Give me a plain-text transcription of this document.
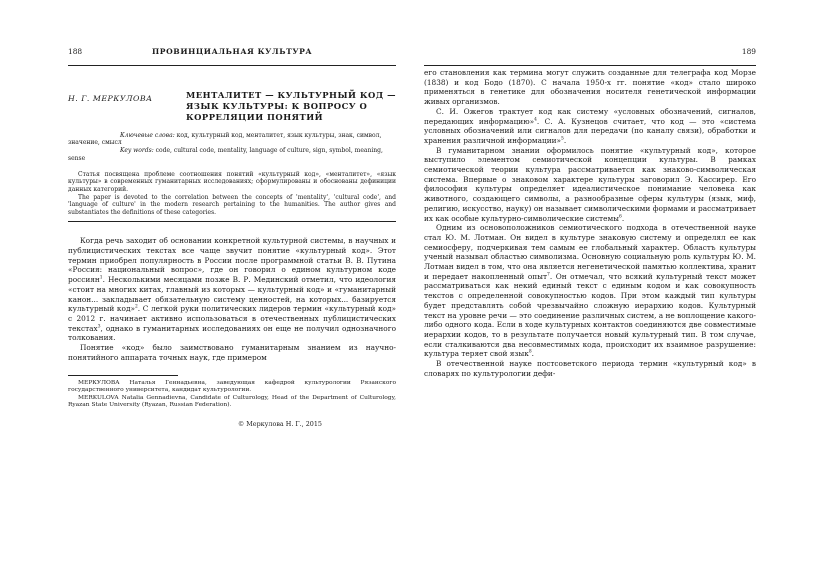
188	ПРОВИНЦИАЛЬНАЯ КУЛЬТУРА
Н. Г. МЕРКУЛОВА	МЕНТАЛИТЕТ — КУЛЬТУРНЫЙ КОД — ЯЗЫК КУЛЬТУРЫ: К ВОПРОСУ О КОРРЕЛЯЦИИ ПОНЯТИЙ
Ключевые слова: код, культурный код, менталитет, язык культуры, знак, символ, значение, смысл
Key words: code, cultural code, mentality, language of culture, sign, symbol, meaning, sense

Статья посвящена проблеме соотношения понятий «культурный код», «менталитет», «язык культуры» в современных гуманитарных исследованиях; сформулированы и обоснованы дефиниции данных категорий.

The paper is devoted to the correlation between the concepts of 'mentality', 'cultural code', and 'language of culture' in the modern research pertaining to the humanities. The author gives and substantiates the definitions of these categories.

Когда речь заходит об основании конкретной культурной системы, в научных и публицистических текстах все чаще звучит понятие «культурный код». Этот термин приобрел популярность в России после программной статьи В. В. Путина «Россия: национальный вопрос», где он говорил о едином культурном коде россиян$^1$. Несколькими месяцами позже В. Р. Мединский отметил, что идеология «стоит на многих китах, главный из которых — культурный код» и «гуманитарный канон... закладывает обязательную систему ценностей, на которых... базируется культурный код»$^2$. С легкой руки политических лидеров термин «культурный код» с 2012 г. начинает активно использоваться в отечественных публицистических текстах$^3$, однако в гуманитарных исследованиях он еще не получил однозначного толкования.

Понятие «код» было заимствовано гуманитарным знанием из научно-понятийного аппарата точных наук, где примером

МЕРКУЛОВА Наталья Геннадьевна, заведующая кафедрой культурологии Рязанского государственного университета, кандидат культурологии.

MERKULOVA Natalia Gennadievna, Candidate of Culturology, Head of the Department of Culturology, Ryazan State University (Ryazan, Russian Federation).

© Меркулова Н. Г., 2015
189

его становления как термина могут служить созданные для телеграфа код Морзе (1838) и код Бодо (1870). С начала 1950-х гг. понятие «код» стало широко применяться в генетике для обозначения носителя генетической информации живых организмов.

С. И. Ожегов трактует код как систему «условных обозначений, сигналов, передающих информацию»$^4$. С. А. Кузнецов считает, что код — это «система условных обозначений или сигналов для передачи (по каналу связи), обработки и хранения различной информации»$^5$.

В гуманитарном знании оформилось понятие «культурный код», которое выступило элементом семиотической концепции культуры. В рамках семиотической теории культура рассматривается как знаково-символическая система. Впервые о знаковом характере культуры заговорил Э. Кассирер. Его философия культуры определяет идеалистическое понимание человека как животного, создающего символы, а разнообразные сферы культуры (язык, миф, религию, искусство, науку) он называет символическими формами и рассматривает их как особые культурно-символические системы$^6$.

Одним из основоположников семиотического подхода в отечественной науке стал Ю. М. Лотман. Он видел в культуре знаковую систему и определял ее как семиосферу, подчеркивая тем самым ее глобальный характер. Областъ культуры ученый называл областью символизма. Основную социальную роль культуры Ю. М. Лотман видел в том, что она является негенетической памятью коллектива, хранит и передает накопленный опыт$^7$. Он отмечал, что всякий культурный текст может рассматриваться как некий единый текст с единым кодом и как совокупность текстов с определенной совокупностью кодов. При этом каждый тип культуры будет представлять собой чрезвычайно сложную иерархию кодов. Культурный текст на уровне речи — это соединение различных систем, а не воплощение какого-либо одного кода. Если в ходе культурных контактов соединяются две совместимые иерархии кодов, то в результате получается новый культурный тип. В том случае, если сталкиваются два несовместимых кода, происходит их взаимное разрушение: культура теряет свой язык$^8$.

В отечественной науке постсоветского периода термин «культурный код» в словарях по культурологии дефи-
